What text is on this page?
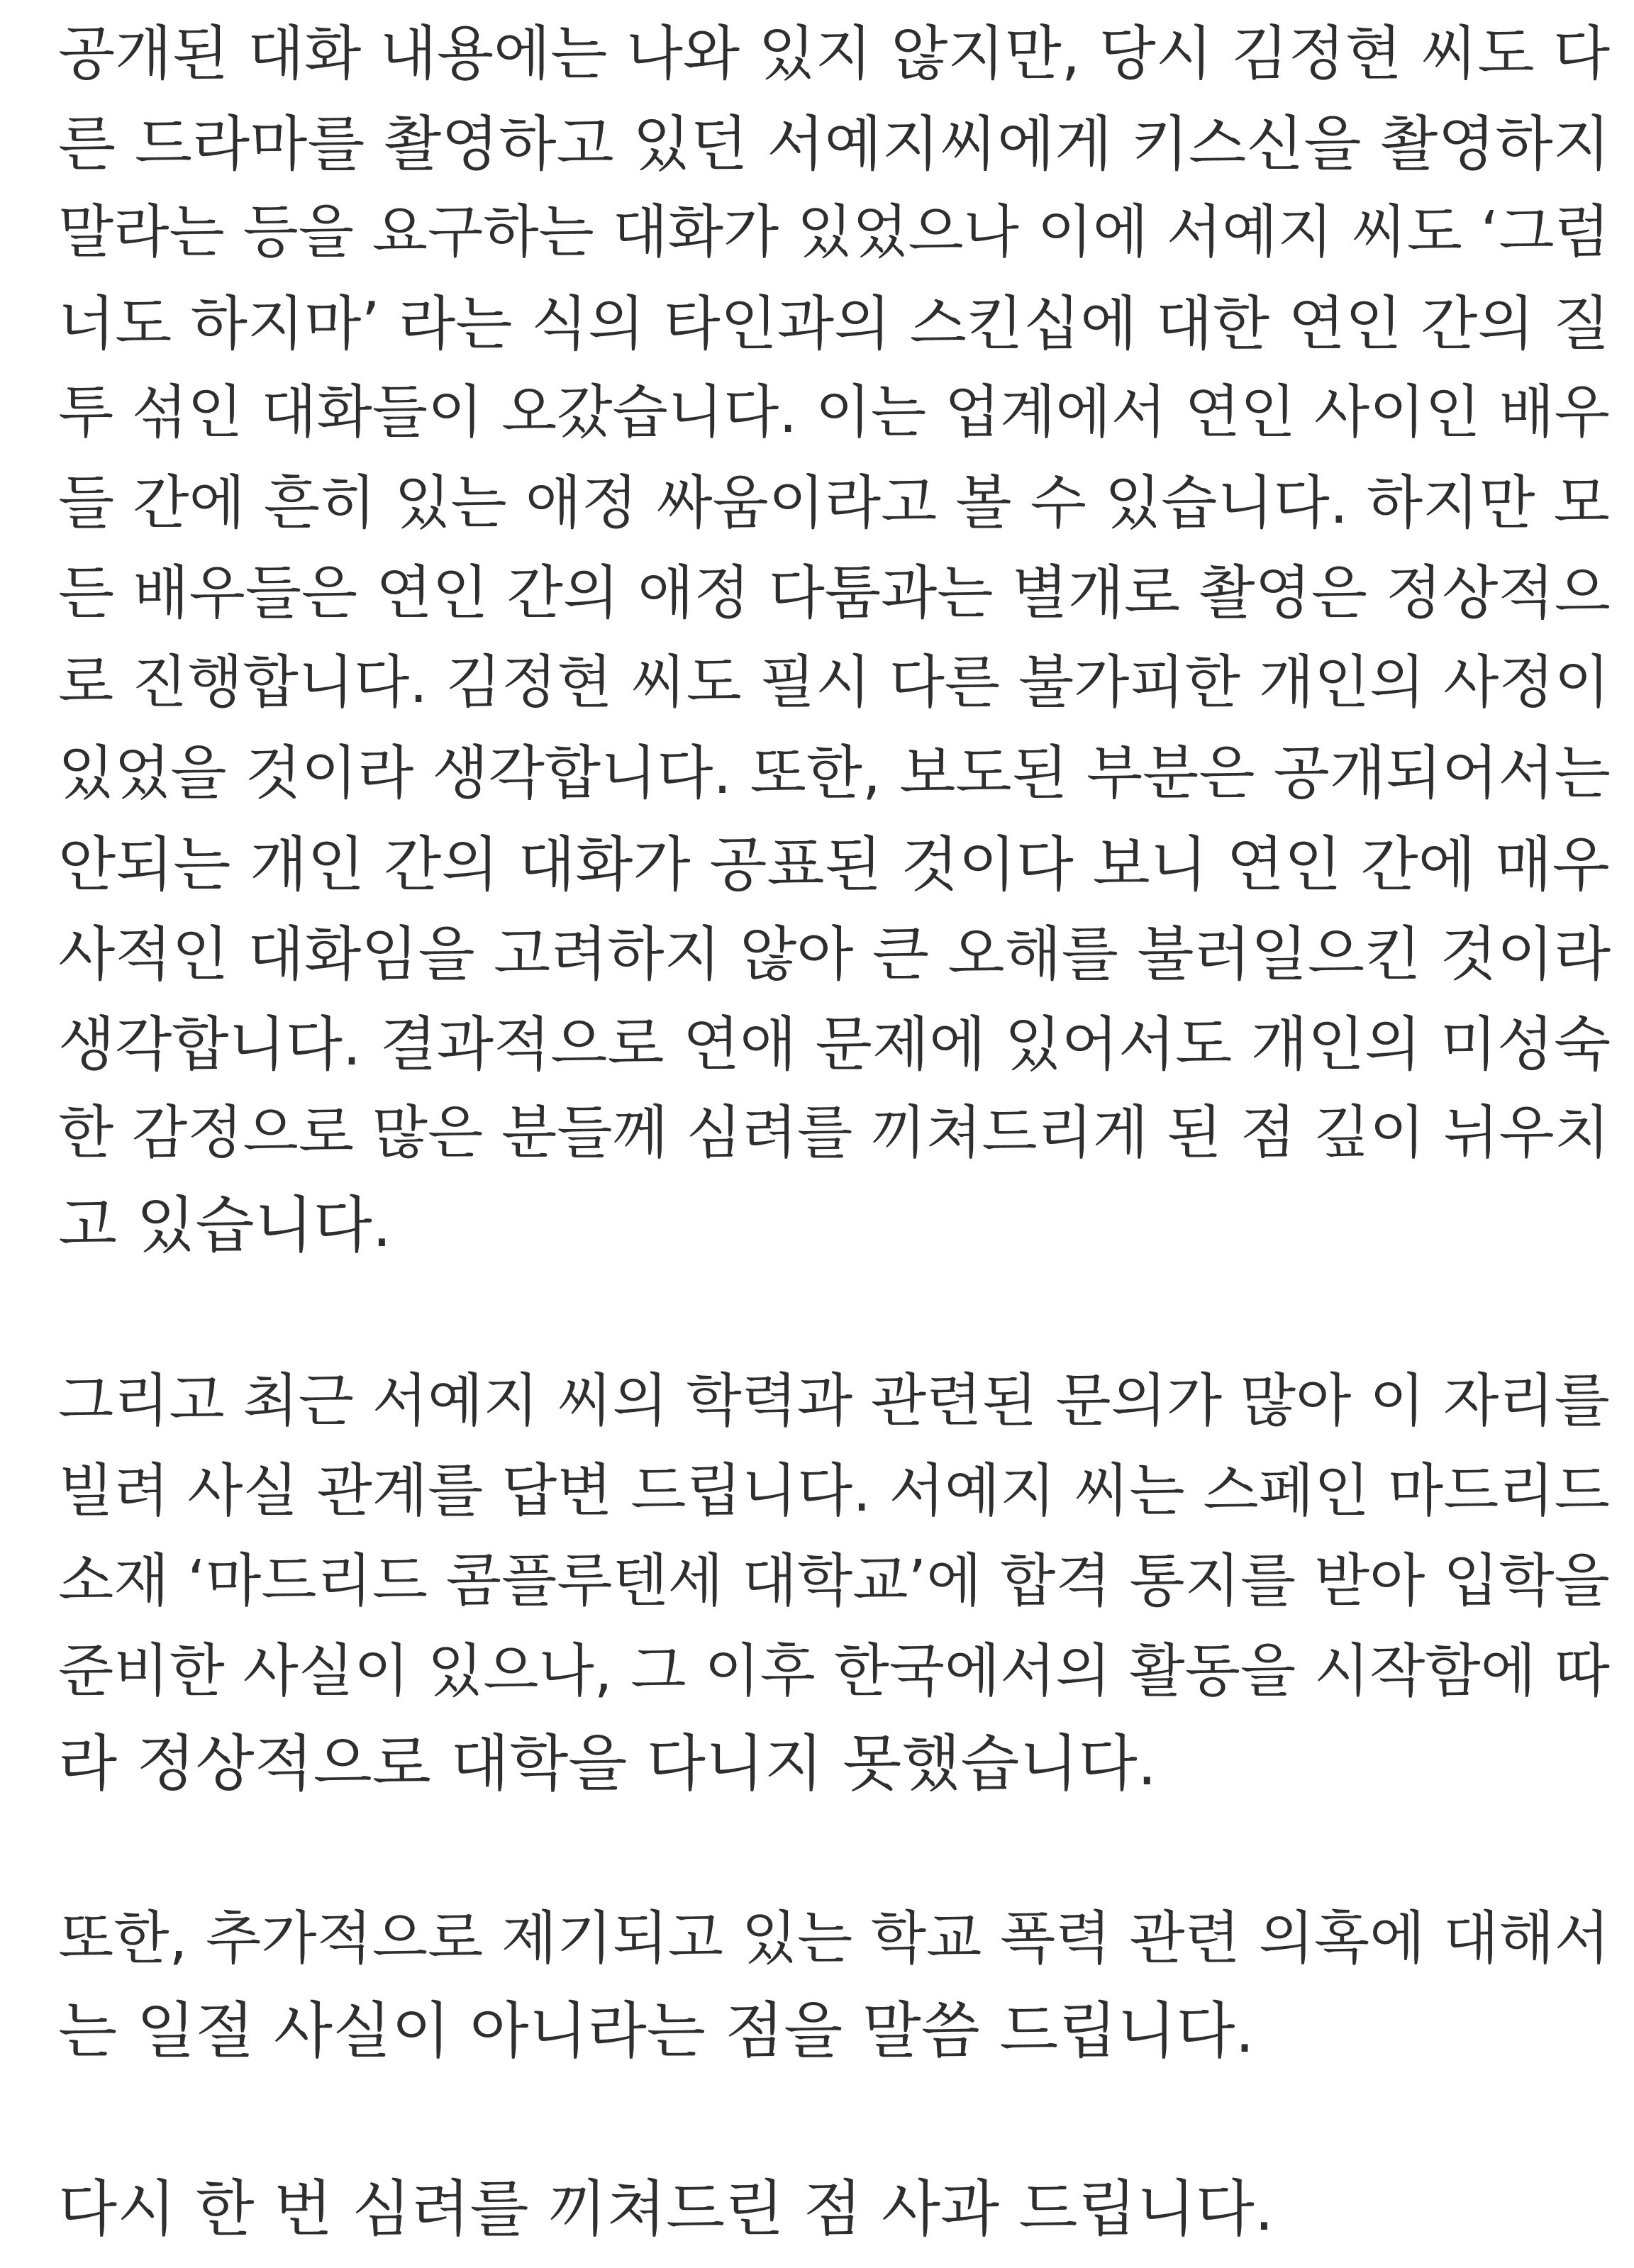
공개된 대화 내용에는 나와 있지 않지만, 당시 김정현 씨도 다
른 드라마를 촬영하고 있던 서예지씨에게 키스신을 촬영하지
말라는 등을 요구하는 대화가 있었으나 이에 서예지 씨도 ‘그럼
너도 하지마’ 라는 식의 타인과의 스킨십에 대한 연인 간의 질
투 섞인 대화들이 오갔습니다. 이는 업계에서 연인 사이인 배우
들 간에 흔히 있는 애정 싸움이라고 볼 수 있습니다. 하지만 모
든 배우들은 연인 간의 애정 다툼과는 별개로 촬영은 정상적으
로 진행합니다. 김정현 씨도 필시 다른 불가피한 개인의 사정이
있었을 것이라 생각합니다. 또한, 보도된 부분은 공개되어서는
안되는 개인 간의 대화가 공표된 것이다 보니 연인 간에 매우
사적인 대화임을 고려하지 않아 큰 오해를 불러일으킨 것이라
생각합니다. 결과적으로 연애 문제에 있어서도 개인의 미성숙
한 감정으로 많은 분들께 심려를 끼쳐드리게 된 점 깊이 뉘우치
고 있습니다.
그리고 최근 서예지 씨의 학력과 관련된 문의가 많아 이 자리를
빌려 사실 관계를 답변 드립니다. 서예지 씨는 스페인 마드리드
소재 ‘마드리드 콤플루텐세 대학교’에 합격 통지를 받아 입학을
준비한 사실이 있으나, 그 이후 한국에서의 활동을 시작함에 따
라 정상적으로 대학을 다니지 못했습니다.
또한, 추가적으로 제기되고 있는 학교 폭력 관련 의혹에 대해서
는 일절 사실이 아니라는 점을 말씀 드립니다.
다시 한 번 심려를 끼쳐드린 점 사과 드립니다.
